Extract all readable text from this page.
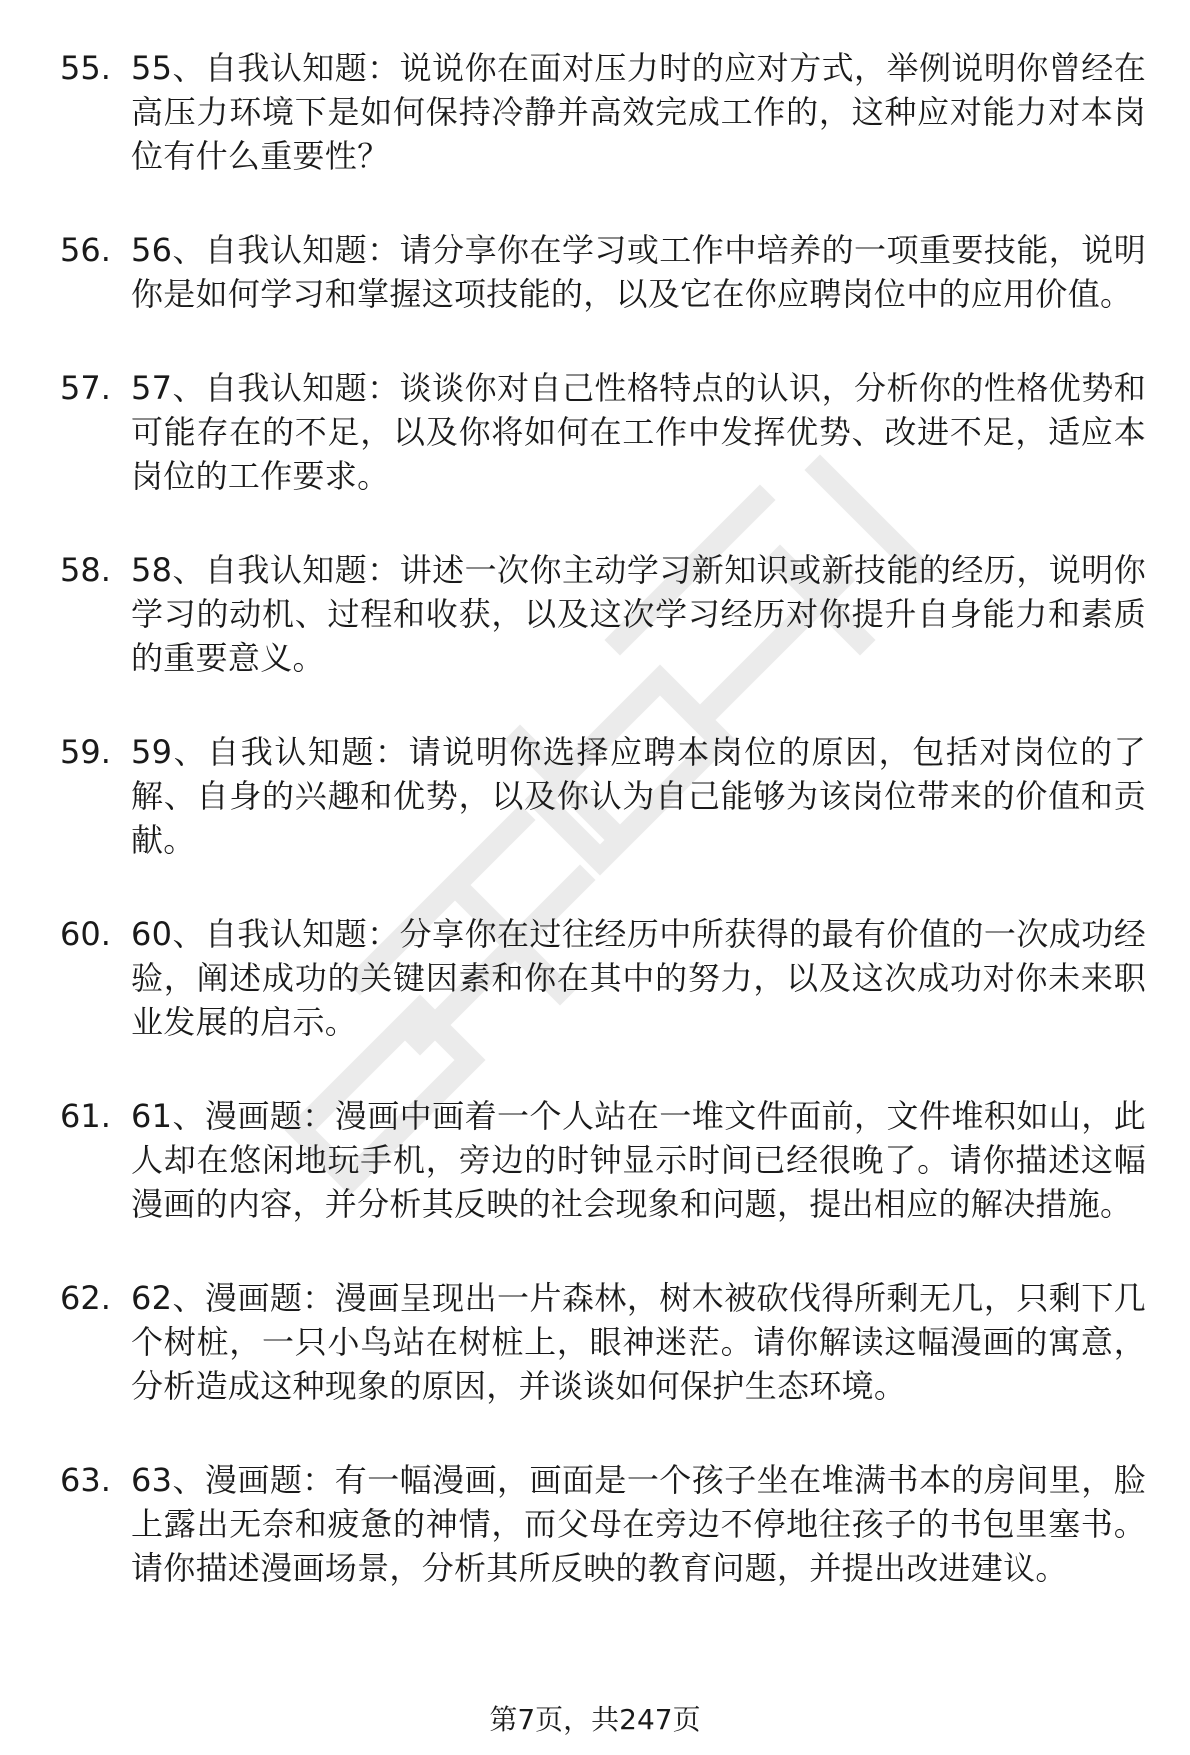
55. 55、自我认知题：说说你在面对压力时的应对方式，举例说明你曾经在高压力环境下是如何保持冷静并高效完成工作的，这种应对能力对本岗位有什么重要性？
56. 56、自我认知题：请分享你在学习或工作中培养的一项重要技能，说明你是如何学习和掌握这项技能的，以及它在你应聘岗位中的应用价值。
57. 57、自我认知题：谈谈你对自己性格特点的认识，分析你的性格优势和可能存在的不足，以及你将如何在工作中发挥优势、改进不足，适应本岗位的工作要求。
58. 58、自我认知题：讲述一次你主动学习新知识或新技能的经历，说明你学习的动机、过程和收获，以及这次学习经历对你提升自身能力和素质的重要意义。
59. 59、自我认知题：请说明你选择应聘本岗位的原因，包括对岗位的了解、自身的兴趣和优势，以及你认为自己能够为该岗位带来的价值和贡献。
60. 60、自我认知题：分享你在过往经历中所获得的最有价值的一次成功经验，阐述成功的关键因素和你在其中的努力，以及这次成功对你未来职业发展的启示。
61. 61、漫画题：漫画中画着一个人站在一堆文件面前，文件堆积如山，此人却在悠闲地玩手机，旁边的时钟显示时间已经很晚了。请你描述这幅漫画的内容，并分析其反映的社会现象和问题，提出相应的解决措施。
62. 62、漫画题：漫画呈现出一片森林，树木被砍伐得所剩无几，只剩下几个树桩，一只小鸟站在树桩上，眼神迷茫。请你解读这幅漫画的寓意，分析造成这种现象的原因，并谈谈如何保护生态环境。
63. 63、漫画题：有一幅漫画，画面是一个孩子坐在堆满书本的房间里，脸上露出无奈和疲惫的神情，而父母在旁边不停地往孩子的书包里塞书。请你描述漫画场景，分析其所反映的教育问题，并提出改进建议。
第7页，共247页
